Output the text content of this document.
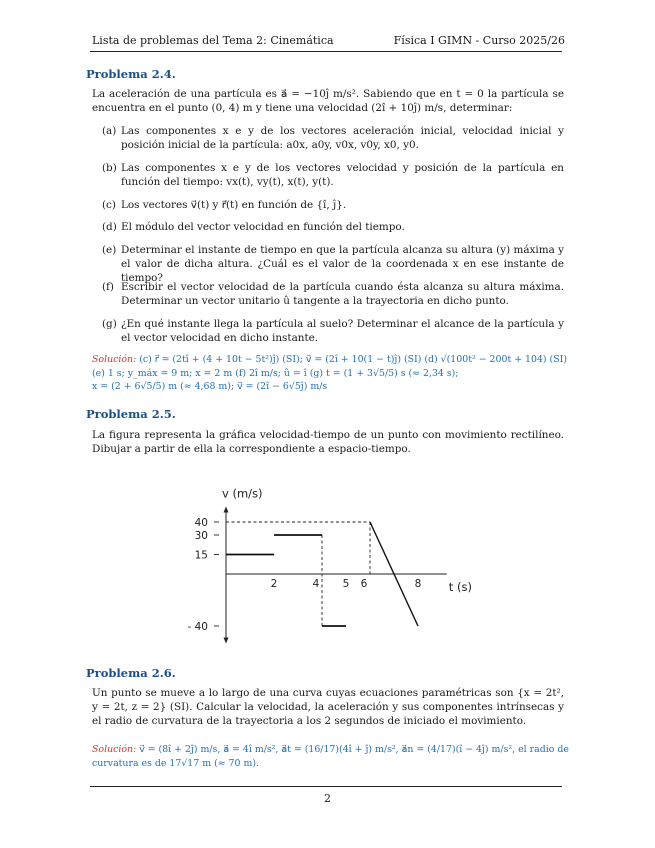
Lista de problemas del Tema 2: Cinemática	Física I GIMN - Curso 2025/26
Problema 2.4.
La aceleración de una partícula es a⃗ = −10ĵ m/s². Sabiendo que en t = 0 la partícula se encuentra en el punto (0, 4) m y tiene una velocidad (2î + 10ĵ) m/s, determinar:
(a) Las componentes x e y de los vectores aceleración inicial, velocidad inicial y posición inicial de la partícula: a0x, a0y, v0x, v0y, x0, y0.
(b) Las componentes x e y de los vectores velocidad y posición de la partícula en función del tiempo: vx(t), vy(t), x(t), y(t).
(c) Los vectores v⃗(t) y r⃗(t) en función de {î, ĵ}.
(d) El módulo del vector velocidad en función del tiempo.
(e) Determinar el instante de tiempo en que la partícula alcanza su altura (y) máxima y el valor de dicha altura. ¿Cuál es el valor de la coordenada x en ese instante de tiempo?
(f) Escribir el vector velocidad de la partícula cuando ésta alcanza su altura máxima. Determinar un vector unitario û tangente a la trayectoria en dicho punto.
(g) ¿En qué instante llega la partícula al suelo? Determinar el alcance de la partícula y el vector velocidad en dicho instante.
Solución: (c) r⃗ = (2tî + (4 + 10t − 5t²)ĵ) (SI); v⃗ = (2î + 10(1 − t)ĵ) (SI) (d) √(100t² − 200t + 104) (SI)
(e) 1 s; y_máx = 9 m; x = 2 m (f) 2î m/s; û = î (g) t = (1 + 3√5/5) s (≈ 2,34 s);
x = (2 + 6√5/5) m (≈ 4,68 m); v⃗ = (2î − 6√5ĵ) m/s
Problema 2.5.
La figura representa la gráfica velocidad-tiempo de un punto con movimiento rectilíneo. Dibujar a partir de ella la correspondiente a espacio-tiempo.
2	4 5 6	8
40
30
15
- 40
v (m/s)
t (s)
Problema 2.6.
Un punto se mueve a lo largo de una curva cuyas ecuaciones paramétricas son {x = 2t², y = 2t, z = 2} (SI). Calcular la velocidad, la aceleración y sus componentes intrínsecas y el radio de curvatura de la trayectoria a los 2 segundos de iniciado el movimiento.
Solución: v⃗ = (8î + 2ĵ) m/s, a⃗ = 4î m/s², a⃗t = (16/17)(4î + ĵ) m/s², a⃗n = (4/17)(î − 4ĵ) m/s², el radio de
curvatura es de 17√17 m (≈ 70 m).
2
